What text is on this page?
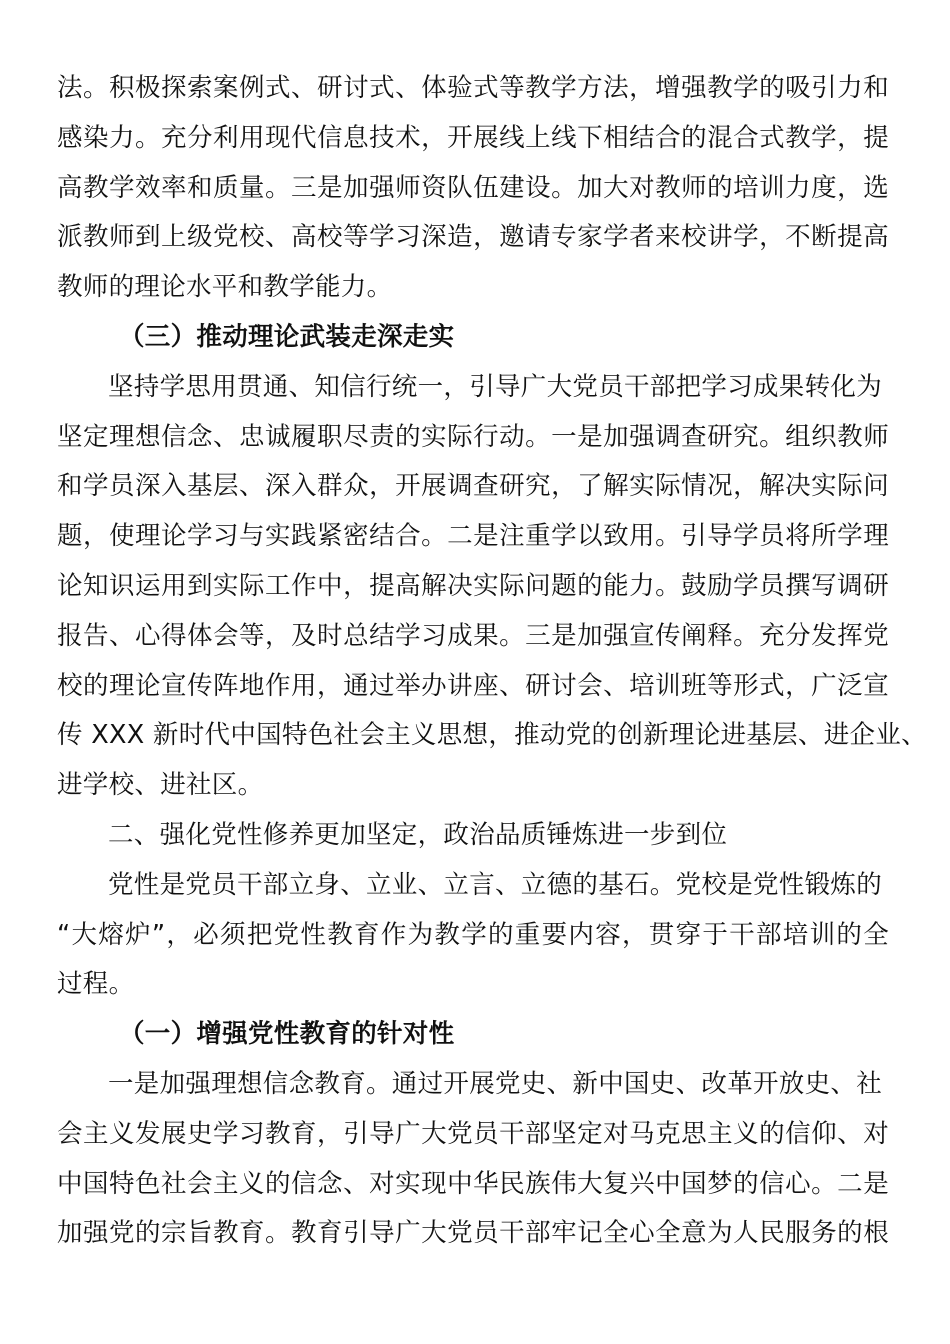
法。积极探索案例式、研讨式、体验式等教学方法，增强教学的吸引力和
感染力。充分利用现代信息技术，开展线上线下相结合的混合式教学，提
高教学效率和质量。三是加强师资队伍建设。加大对教师的培训力度，选
派教师到上级党校、高校等学习深造，邀请专家学者来校讲学，不断提高
教师的理论水平和教学能力。
（三）推动理论武装走深走实
坚持学思用贯通、知信行统一，引导广大党员干部把学习成果转化为
坚定理想信念、忠诚履职尽责的实际行动。一是加强调查研究。组织教师
和学员深入基层、深入群众，开展调查研究，了解实际情况，解决实际问
题，使理论学习与实践紧密结合。二是注重学以致用。引导学员将所学理
论知识运用到实际工作中，提高解决实际问题的能力。鼓励学员撰写调研
报告、心得体会等，及时总结学习成果。三是加强宣传阐释。充分发挥党
校的理论宣传阵地作用，通过举办讲座、研讨会、培训班等形式，广泛宣
传 XXX 新时代中国特色社会主义思想，推动党的创新理论进基层、进企业、
进学校、进社区。
二、强化党性修养更加坚定，政治品质锤炼进一步到位
党性是党员干部立身、立业、立言、立德的基石。党校是党性锻炼的
“大熔炉”，必须把党性教育作为教学的重要内容，贯穿于干部培训的全
过程。
（一）增强党性教育的针对性
一是加强理想信念教育。通过开展党史、新中国史、改革开放史、社
会主义发展史学习教育，引导广大党员干部坚定对马克思主义的信仰、对
中国特色社会主义的信念、对实现中华民族伟大复兴中国梦的信心。二是
加强党的宗旨教育。教育引导广大党员干部牢记全心全意为人民服务的根
